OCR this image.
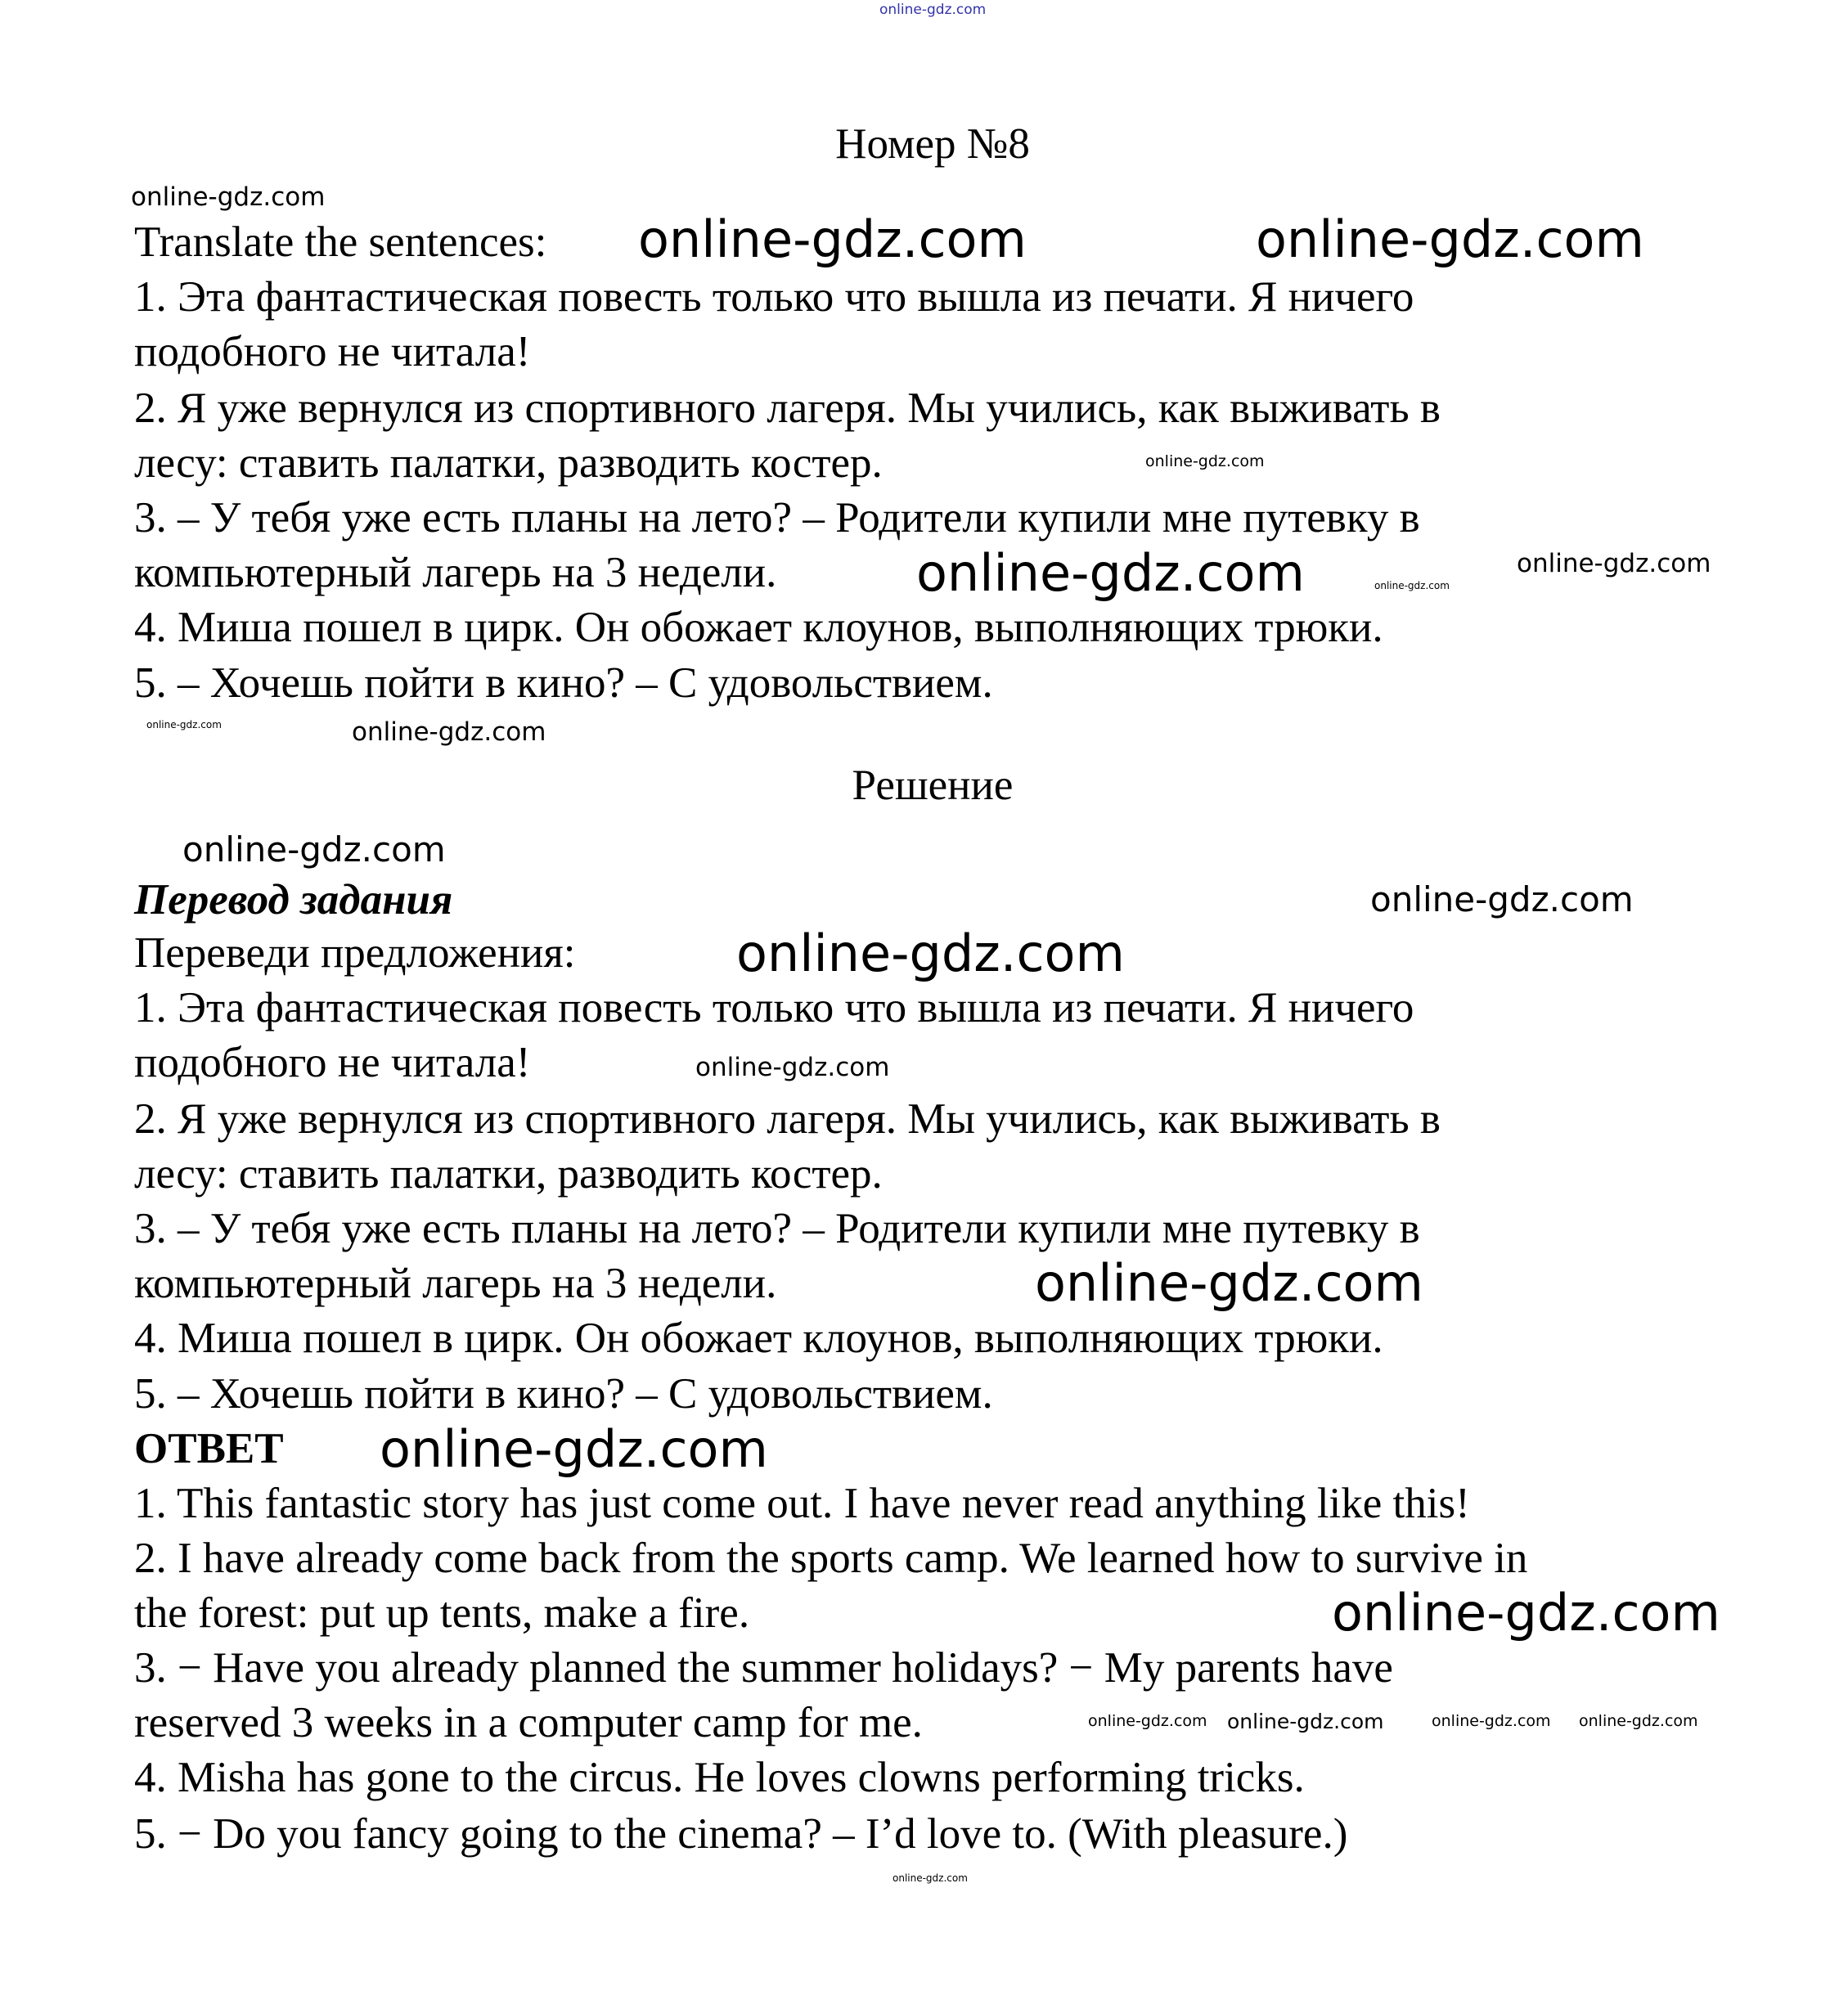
online-gdz.com
Номер №8
Translate the sentences:
1. Эта фантастическая повесть только что вышла из печати. Я ничего
подобного не читала!
2. Я уже вернулся из спортивного лагеря. Мы учились, как выживать в
лесу: ставить палатки, разводить костер.
3. – У тебя уже есть планы на лето? – Родители купили мне путевку в
компьютерный лагерь на 3 недели.
4. Миша пошел в цирк. Он обожает клоунов, выполняющих трюки.
5. – Хочешь пойти в кино? – С удовольствием.
Решение
Перевод задания
Переведи предложения:
1. Эта фантастическая повесть только что вышла из печати. Я ничего
подобного не читала!
2. Я уже вернулся из спортивного лагеря. Мы учились, как выживать в
лесу: ставить палатки, разводить костер.
3. – У тебя уже есть планы на лето? – Родители купили мне путевку в
компьютерный лагерь на 3 недели.
4. Миша пошел в цирк. Он обожает клоунов, выполняющих трюки.
5. – Хочешь пойти в кино? – С удовольствием.
ОТВЕТ
1. This fantastic story has just come out. I have never read anything like this!
2. I have already come back from the sports camp. We learned how to survive in
the forest: put up tents, make a fire.
3. − Have you already planned the summer holidays? − My parents have
reserved 3 weeks in a computer camp for me.
4. Misha has gone to the circus. He loves clowns performing tricks.
5. − Do you fancy going to the cinema? – I’d love to. (With pleasure.)
online-gdz.com
online-gdz.com	online-gdz.com
online-gdz.com
online-gdz.com
online-gdz.com
online-gdz.com
online-gdz.com
online-gdz.com
online-gdz.com
online-gdz.com
online-gdz.com
online-gdz.com
online-gdz.com
online-gdz.com
online-gdz.com
online-gdz.com online-gdz.com	online-gdz.com online-gdz.com
online-gdz.com
